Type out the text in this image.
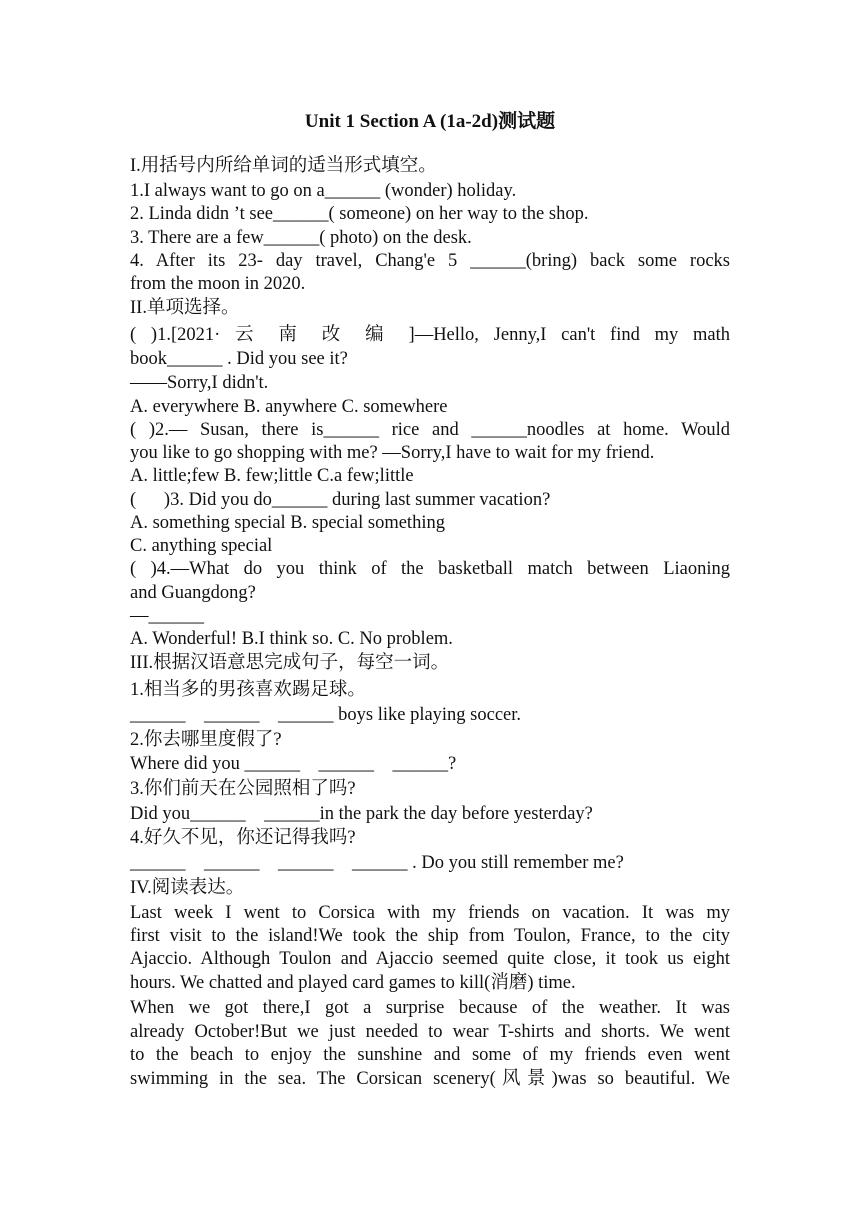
Unit 1 Section A (1a-2d)测试题
I.用括号内所给单词的适当形式填空。
1.I always want to go on a______ (wonder) holiday.
2. Linda didn ’t see______( someone) on her way to the shop.
3. There are a few______( photo) on the desk.
4. After its 23- day travel, Chang'e 5 ______(bring) back some rocks
from the moon in 2020.
II.单项选择。
( )1.[2021· 云 南 改 编 ]—Hello, Jenny,I can't find my math
book______ . Did you see it?
——Sorry,I didn't.
A. everywhere B. anywhere C. somewhere
( )2.— Susan, there is______ rice and ______noodles at home. Would
you like to go shopping with me? —Sorry,I have to wait for my friend.
A. little;few B. few;little C.a few;little
(      )3. Did you do______ during last summer vacation?
A. something special B. special something
C. anything special
( )4.—What do you think of the basketball match between Liaoning
and Guangdong?
—______
A. Wonderful! B.I think so. C. No problem.
III.根据汉语意思完成句子，每空一词。
1.相当多的男孩喜欢踢足球。
______    ______    ______ boys like playing soccer.
2.你去哪里度假了?
Where did you ______    ______    ______?
3.你们前天在公园照相了吗?
Did you______    ______in the park the day before yesterday?
4.好久不见，你还记得我吗?
______    ______    ______    ______ . Do you still remember me?
IV.阅读表达。
Last week I went to Corsica with my friends on vacation. It was my
first visit to the island!We took the ship from Toulon, France, to the city
Ajaccio. Although Toulon and Ajaccio seemed quite close, it took us eight
hours. We chatted and played card games to kill(消磨) time.
When we got there,I got a surprise because of the weather. It was
already October!But we just needed to wear T-shirts and shorts. We went
to the beach to enjoy the sunshine and some of my friends even went
swimming in the sea. The Corsican scenery(风景)was so beautiful. We
